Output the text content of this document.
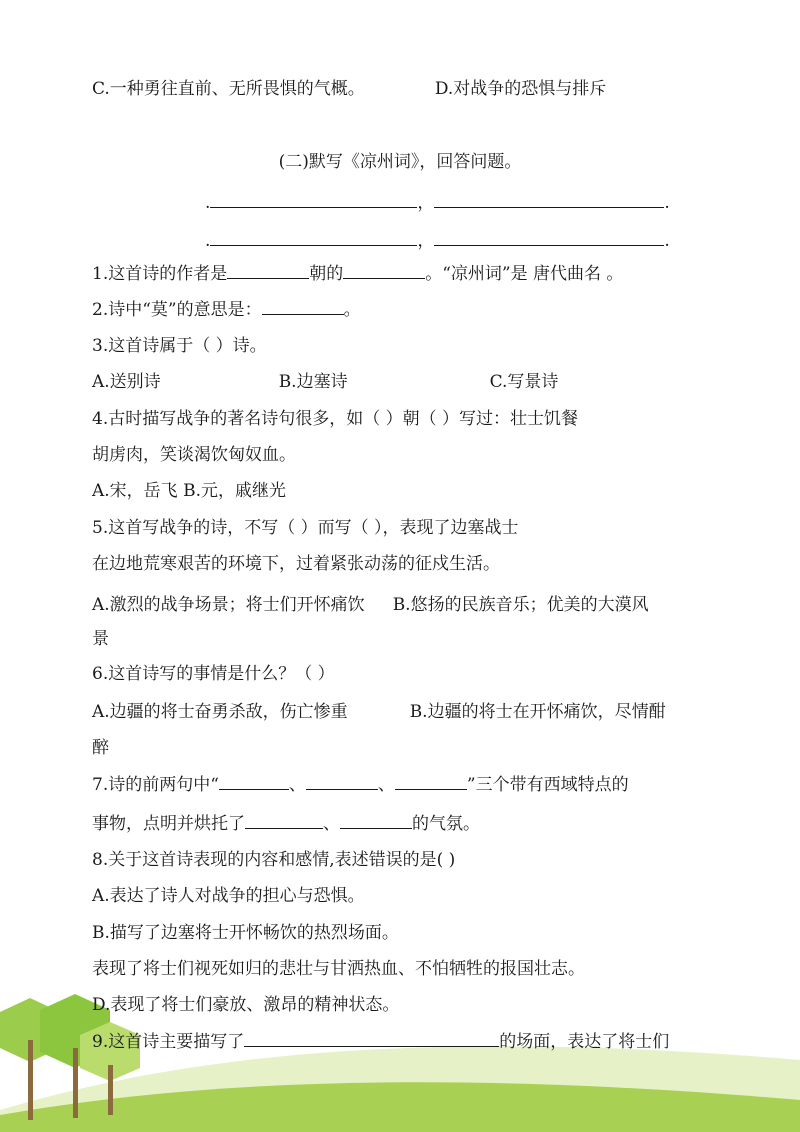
C.一种勇往直前、无所畏惧的气概。	D.对战争的恐惧与排斥
(二)默写《凉州词》，回答问题。
.	，	.
.	，	.
1.这首诗的作者是	朝的	。“凉州词”是 唐代曲名 。
2.诗中“莫”的意思是：	。
3.这首诗属于（ ）诗。
A.送别诗	B.边塞诗	C.写景诗
4.古时描写战争的著名诗句很多，如（ ）朝（ ）写过：壮士饥餐
胡虏肉，笑谈渴饮匈奴血。
A.宋，岳飞 B.元，戚继光
5.这首写战争的诗，不写（ ）而写（ ），表现了边塞战士
在边地荒寒艰苦的环境下，过着紧张动荡的征戍生活。
A.激烈的战争场景；将士们开怀痛饮 B.悠扬的民族音乐；优美的大漠风
景
6.这首诗写的事情是什么？（ ）
A.边疆的将士奋勇杀敌，伤亡惨重	B.边疆的将士在开怀痛饮，尽情酣
醉
7.诗的前两句中“	、	、	”三个带有西域特点的
事物，点明并烘托了	、	的气氛。
8.关于这首诗表现的内容和感情,表述错误的是( )
A.表达了诗人对战争的担心与恐惧。
B.描写了边塞将士开怀畅饮的热烈场面。
表现了将士们视死如归的悲壮与甘洒热血、不怕牺牲的报国壮志。
D.表现了将士们豪放、激昂的精神状态。
9.这首诗主要描写了	的场面，表达了将士们
